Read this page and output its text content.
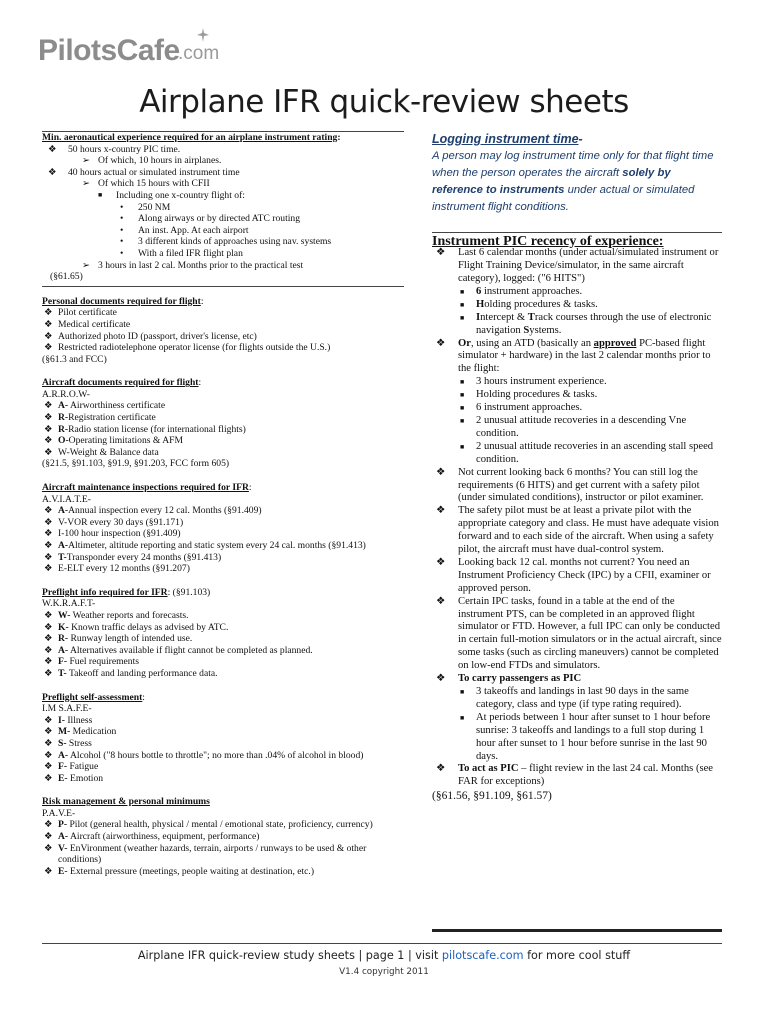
PilotsCafe
.com
Airplane IFR quick-review sheets
Min. aeronautical experience required for an airplane instrument rating:
❖ 50 hours x-country PIC time.
➢ Of which, 10 hours in airplanes.
❖ 40 hours actual or simulated instrument time
➢ Of which 15 hours with CFII
■ Including one x-country flight of:
• 250 NM
• Along airways or by directed ATC routing
• An inst. App. At each airport
• 3 different kinds of approaches using nav. systems
• With a filed IFR flight plan
➢ 3 hours in last 2 cal. Months prior to the practical test
(§61.65)
Personal documents required for flight:
❖ Pilot certificate
❖ Medical certificate
❖ Authorized photo ID (passport, driver's license, etc)
❖ Restricted radiotelephone operator license (for flights outside the U.S.)
(§61.3 and FCC)
Aircraft documents required for flight:
A.R.R.O.W-
❖ A- Airworthiness certificate
❖ R-Registration certificate
❖ R-Radio station license (for international flights)
❖ O-Operating limitations & AFM
❖ W-Weight & Balance data
(§21.5, §91.103, §91.9, §91.203, FCC form 605)
Aircraft maintenance inspections required for IFR:
A.V.I.A.T.E-
❖ A-Annual inspection every 12 cal. Months (§91.409)
❖ V-VOR every 30 days (§91.171)
❖ I-100 hour inspection (§91.409)
❖ A-Altimeter, altitude reporting and static system every 24 cal. months (§91.413)
❖ T-Transponder every 24 months (§91.413)
❖ E-ELT every 12 months (§91.207)
Preflight info required for IFR: (§91.103)
W.K.R.A.F.T-
❖ W- Weather reports and forecasts.
❖ K- Known traffic delays as advised by ATC.
❖ R- Runway length of intended use.
❖ A- Alternatives available if flight cannot be completed as planned.
❖ F- Fuel requirements
❖ T- Takeoff and landing performance data.
Preflight self-assessment:
I.M S.A.F.E-
❖ I- Illness
❖ M- Medication
❖ S- Stress
❖ A- Alcohol ("8 hours bottle to throttle"; no more than .04% of alcohol in blood)
❖ F- Fatigue
❖ E- Emotion
Risk management & personal minimums
P.A.V.E-
❖ P- Pilot (general health, physical / mental / emotional state, proficiency, currency)
❖ A- Aircraft (airworthiness, equipment, performance)
❖ V- EnVironment (weather hazards, terrain, airports / runways to be used & other conditions)
❖ E- External pressure (meetings, people waiting at destination, etc.)
Logging instrument time-
A person may log instrument time only for that flight time when the person operates the aircraft solely by reference to instruments under actual or simulated instrument flight conditions.
Instrument PIC recency of experience:
❖ Last 6 calendar months (under actual/simulated instrument or Flight Training Device/simulator, in the same aircraft category), logged: ("6 HITS")
■ 6 instrument approaches.
■ Holding procedures & tasks.
■ Intercept & Track courses through the use of electronic navigation Systems.
❖ Or, using an ATD (basically an approved PC-based flight simulator + hardware) in the last 2 calendar months prior to the flight:
■ 3 hours instrument experience.
■ Holding procedures & tasks.
■ 6 instrument approaches.
■ 2 unusual attitude recoveries in a descending Vne condition.
■ 2 unusual attitude recoveries in an ascending stall speed condition.
❖ Not current looking back 6 months? You can still log the requirements (6 HITS) and get current with a safety pilot (under simulated conditions), instructor or pilot examiner.
❖ The safety pilot must be at least a private pilot with the appropriate category and class. He must have adequate vision forward and to each side of the aircraft. When using a safety pilot, the aircraft must have dual-control system.
❖ Looking back 12 cal. months not current? You need an Instrument Proficiency Check (IPC) by a CFII, examiner or approved person.
❖ Certain IPC tasks, found in a table at the end of the instrument PTS, can be completed in an approved flight simulator or FTD. However, a full IPC can only be conducted in certain full-motion simulators or in the actual aircraft, since some tasks (such as circling maneuvers) cannot be completed on low-end FTDs and simulators.
❖ To carry passengers as PIC
■ 3 takeoffs and landings in last 90 days in the same category, class and type (if type rating required).
■ At periods between 1 hour after sunset to 1 hour before sunrise: 3 takeoffs and landings to a full stop during 1 hour after sunset to 1 hour before sunrise in the last 90 days.
❖ To act as PIC – flight review in the last 24 cal. Months (see FAR for exceptions)
(§61.56, §91.109, §61.57)
Airplane IFR quick-review study sheets | page 1 | visit pilotscafe.com for more cool stuff
V1.4 copyright 2011
